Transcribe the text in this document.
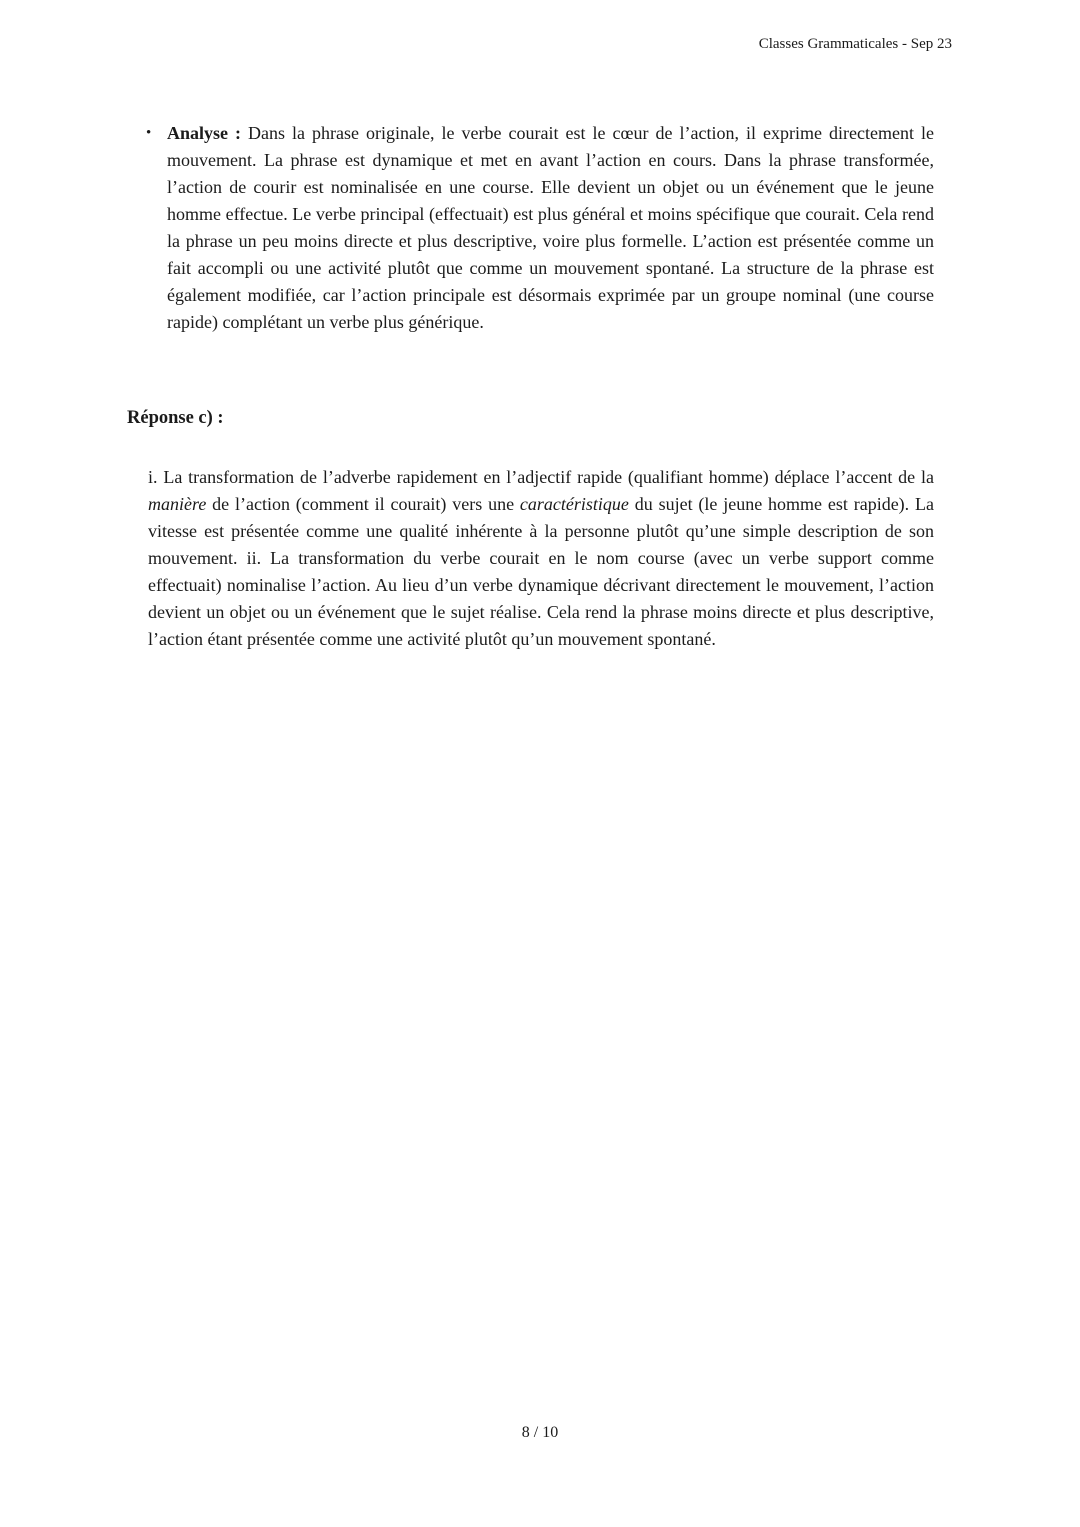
Classes Grammaticales - Sep 23
• Analyse : Dans la phrase originale, le verbe courait est le cœur de l’action, il exprime directement le mouvement. La phrase est dynamique et met en avant l’action en cours. Dans la phrase transformée, l’action de courir est nominalisée en une course. Elle devient un objet ou un événement que le jeune homme effectue. Le verbe principal (effectuait) est plus général et moins spécifique que courait. Cela rend la phrase un peu moins directe et plus descriptive, voire plus formelle. L’action est présentée comme un fait accompli ou une activité plutôt que comme un mouvement spontané. La structure de la phrase est également modifiée, car l’action principale est désormais exprimée par un groupe nominal (une course rapide) complétant un verbe plus générique.
Réponse c) :
i. La transformation de l’adverbe rapidement en l’adjectif rapide (qualifiant homme) déplace l’accent de la manière de l’action (comment il courait) vers une caractéristique du sujet (le jeune homme est rapide). La vitesse est présentée comme une qualité inhérente à la personne plutôt qu’une simple description de son mouvement. ii. La transformation du verbe courait en le nom course (avec un verbe support comme effectuait) nominalise l’action. Au lieu d’un verbe dynamique décrivant directement le mouvement, l’action devient un objet ou un événement que le sujet réalise. Cela rend la phrase moins directe et plus descriptive, l’action étant présentée comme une activité plutôt qu’un mouvement spontané.
8 / 10
